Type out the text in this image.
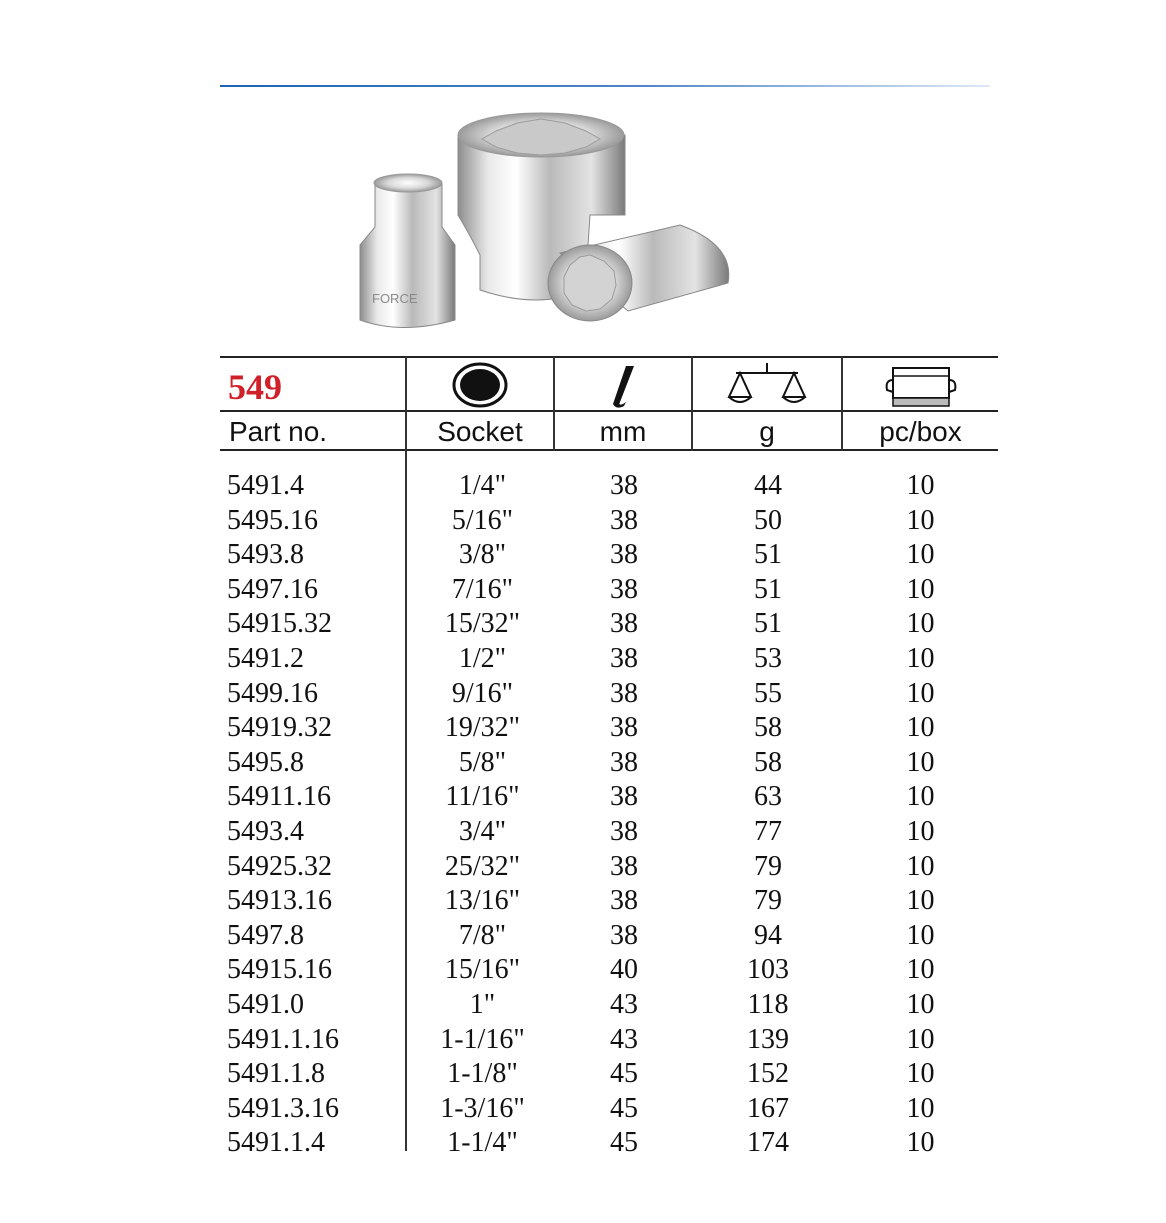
FORCE
549
Part no.	Socket	mm	g	pc/box
5491.4	1/4"	38	44	10
5495.16	5/16"	38	50	10
5493.8	3/8"	38	51	10
5497.16	7/16"	38	51	10
54915.32	15/32"	38	51	10
5491.2	1/2"	38	53	10
5499.16	9/16"	38	55	10
54919.32	19/32"	38	58	10
5495.8	5/8"	38	58	10
54911.16	11/16"	38	63	10
5493.4	3/4"	38	77	10
54925.32	25/32"	38	79	10
54913.16	13/16"	38	79	10
5497.8	7/8"	38	94	10
54915.16	15/16"	40	103	10
5491.0	1"	43	118	10
5491.1.16	1-1/16"	43	139	10
5491.1.8	1-1/8"	45	152	10
5491.3.16	1-3/16"	45	167	10
5491.1.4	1-1/4"	45	174	10
